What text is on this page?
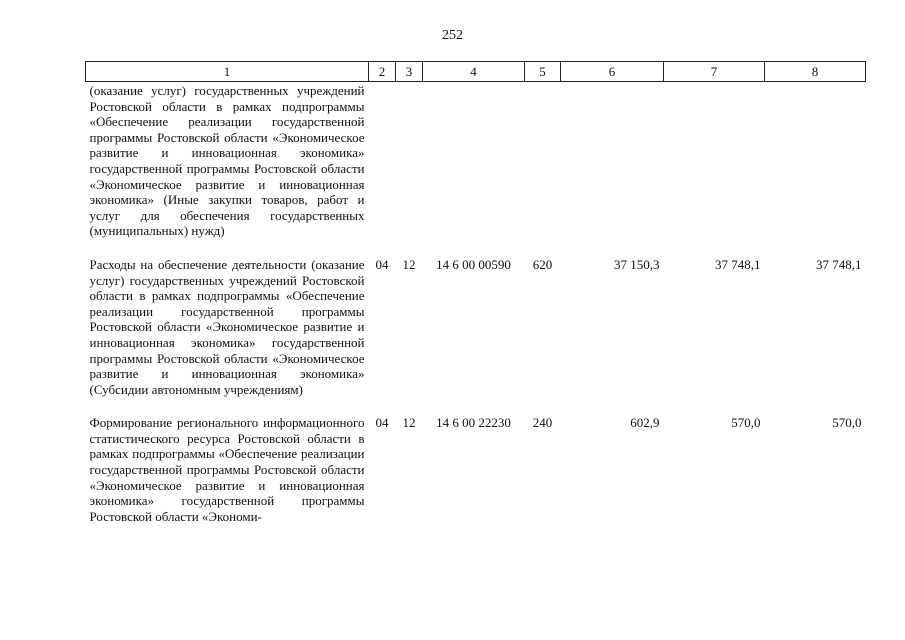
252
1	2	3	4	5	6	7	8
(оказание услуг) государственных учреждений Ростовской области в рамках подпрограммы «Обеспечение реализации государственной программы Ростовской области «Экономическое развитие и инновационная экономика» государственной программы Ростовской области «Экономическое развитие и инновационная экономика» (Иные закупки товаров, работ и услуг для обеспечения государственных (муниципальных) нужд)							
Расходы на обеспечение деятельности (оказание услуг) государственных учреждений Ростовской области в рамках подпрограммы «Обеспечение реализации государственной программы Ростовской области «Экономическое развитие и инновационная экономика» государственной программы Ростовской области «Экономическое развитие и инновационная экономика» (Субсидии автономным учреждениям)	04	12	14 6 00 00590	620	37 150,3	37 748,1	37 748,1
Формирование регионального информационного статистического ресурса Ростовской области в рамках подпрограммы «Обеспечение реализации государственной программы Ростовской области «Экономическое развитие и инновационная экономика» государственной программы Ростовской области «Экономи-	04	12	14 6 00 22230	240	602,9	570,0	570,0
